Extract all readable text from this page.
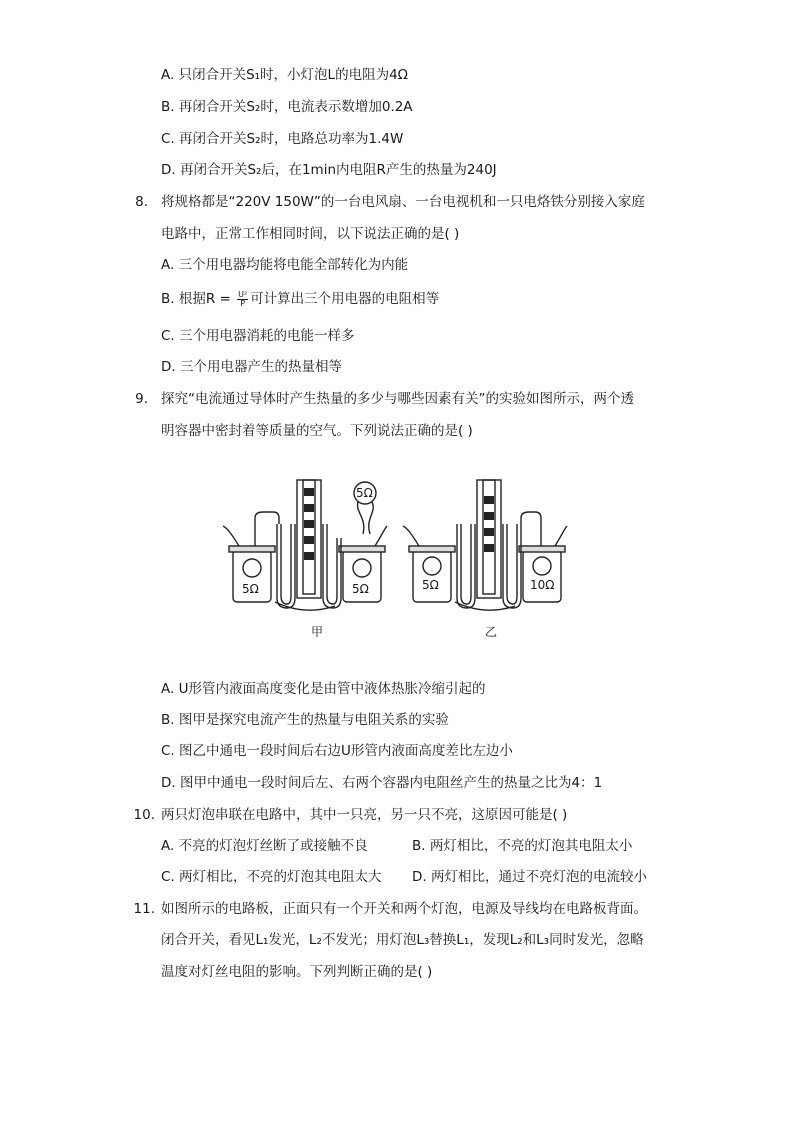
A. 只闭合开关S₁时，小灯泡L的电阻为4Ω
B. 再闭合开关S₂时，电流表示数增加0.2A
C. 再闭合开关S₂时，电路总功率为1.4W
D. 再闭合开关S₂后，在1min内电阻R产生的热量为240J
8. 将规格都是“220V 150W”的一台电风扇、一台电视机和一只电烙铁分别接入家庭
电路中，正常工作相同时间，以下说法正确的是( )
A. 三个用电器均能将电能全部转化为内能
B. 根据$R = \frac{\text{U²}}{P}$ 可计算出三个用电器的电阻相等
C. 三个用电器消耗的电能一样多
D. 三个用电器产生的热量相等
9. 探究“电流通过导体时产生热量的多少与哪些因素有关”的实验如图所示，两个透
明容器中密封着等质量的空气。下列说法正确的是( )
5Ω	5Ω
5Ω
5Ω	10Ω
甲	乙
A. U形管内液面高度变化是由管中液体热胀冷缩引起的
B. 图甲是探究电流产生的热量与电阻关系的实验
C. 图乙中通电一段时间后右边U形管内液面高度差比左边小
D. 图甲中通电一段时间后左、右两个容器内电阻丝产生的热量之比为4：1
10. 两只灯泡串联在电路中，其中一只亮，另一只不亮，这原因可能是( )
A. 不亮的灯泡灯丝断了或接触不良	B. 两灯相比，不亮的灯泡其电阻太小
C. 两灯相比，不亮的灯泡其电阻太大 D. 两灯相比，通过不亮灯泡的电流较小
11. 如图所示的电路板，正面只有一个开关和两个灯泡，电源及导线均在电路板背面。
闭合开关，看见L₁发光，L₂不发光；用灯泡L₃替换L₁，发现L₂和L₃同时发光，忽略
温度对灯丝电阻的影响。下列判断正确的是( )
